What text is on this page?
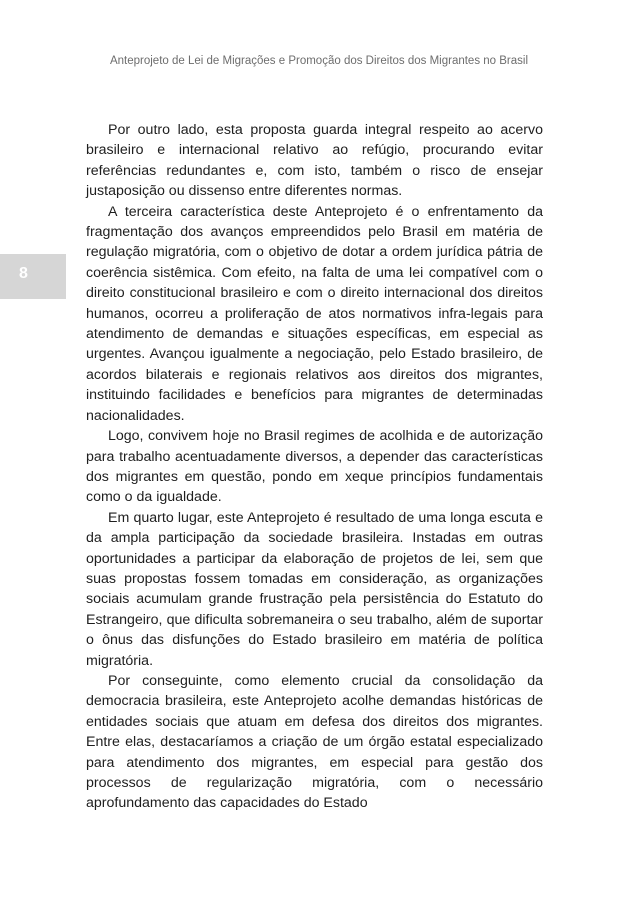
Anteprojeto de Lei de Migrações e Promoção dos Direitos dos Migrantes no Brasil
8

Por outro lado, esta proposta guarda integral respeito ao acervo brasileiro e internacional relativo ao refúgio, procurando evitar referências redundantes e, com isto, também o risco de ensejar justaposição ou dissenso entre diferentes normas.

A terceira característica deste Anteprojeto é o enfrentamento da fragmentação dos avanços empreendidos pelo Brasil em matéria de regulação migratória, com o objetivo de dotar a ordem jurídica pátria de coerência sistêmica. Com efeito, na falta de uma lei compatível com o direito constitucional brasileiro e com o direito internacional dos direitos humanos, ocorreu a proliferação de atos normativos infra-legais para atendimento de demandas e situações específicas, em especial as urgentes. Avançou igualmente a negociação, pelo Estado brasileiro, de acordos bilaterais e regionais relativos aos direitos dos migrantes, instituindo facilidades e benefícios para migrantes de determinadas nacionalidades.

Logo, convivem hoje no Brasil regimes de acolhida e de autorização para trabalho acentuadamente diversos, a depender das características dos migrantes em questão, pondo em xeque princípios fundamentais como o da igualdade.

Em quarto lugar, este Anteprojeto é resultado de uma longa escuta e da ampla participação da sociedade brasileira. Instadas em outras oportunidades a participar da elaboração de projetos de lei, sem que suas propostas fossem tomadas em consideração, as organizações sociais acumulam grande frustração pela persistência do Estatuto do Estrangeiro, que dificulta sobremaneira o seu trabalho, além de suportar o ônus das disfunções do Estado brasileiro em matéria de política migratória.

Por conseguinte, como elemento crucial da consolidação da democracia brasileira, este Anteprojeto acolhe demandas históricas de entidades sociais que atuam em defesa dos direitos dos migrantes. Entre elas, destacaríamos a criação de um órgão estatal especializado para atendimento dos migrantes, em especial para gestão dos processos de regularização migratória, com o necessário aprofundamento das capacidades do Estado
